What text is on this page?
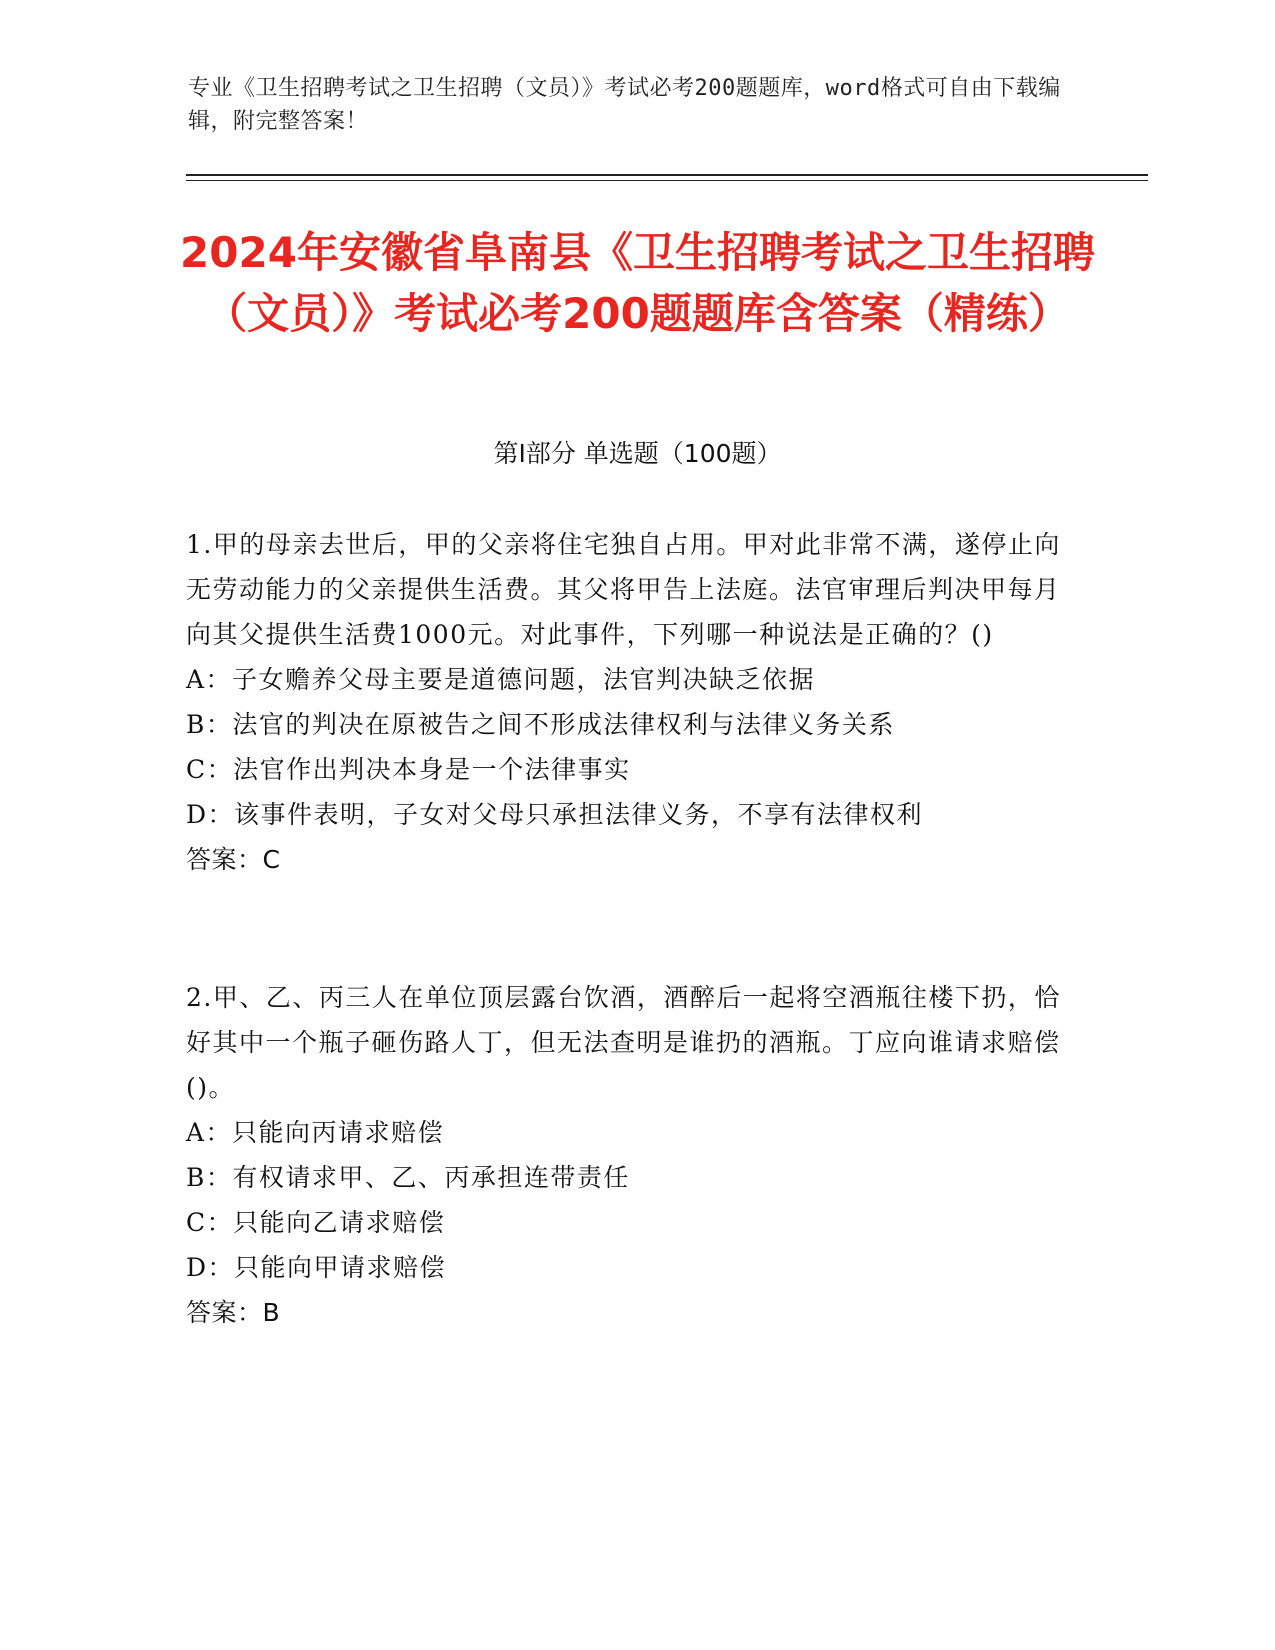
专业《卫生招聘考试之卫生招聘（文员）》考试必考200题题库，word格式可自由下载编辑，附完整答案！
2024年安徽省阜南县《卫生招聘考试之卫生招聘（文员）》考试必考200题题库含答案（精练）
第I部分 单选题（100题）

1.甲的母亲去世后，甲的父亲将住宅独自占用。甲对此非常不满，遂停止向无劳动能力的父亲提供生活费。其父将甲告上法庭。法官审理后判决甲每月向其父提供生活费1000元。对此事件，下列哪一种说法是正确的？()

A：子女赡养父母主要是道德问题，法官判决缺乏依据

B：法官的判决在原被告之间不形成法律权利与法律义务关系

C：法官作出判决本身是一个法律事实

D：该事件表明，子女对父母只承担法律义务，不享有法律权利

答案：C

2.甲、乙、丙三人在单位顶层露台饮酒，酒醉后一起将空酒瓶往楼下扔，恰好其中一个瓶子砸伤路人丁，但无法查明是谁扔的酒瓶。丁应向谁请求赔偿()。

A：只能向丙请求赔偿

B：有权请求甲、乙、丙承担连带责任

C：只能向乙请求赔偿

D：只能向甲请求赔偿

答案：B
